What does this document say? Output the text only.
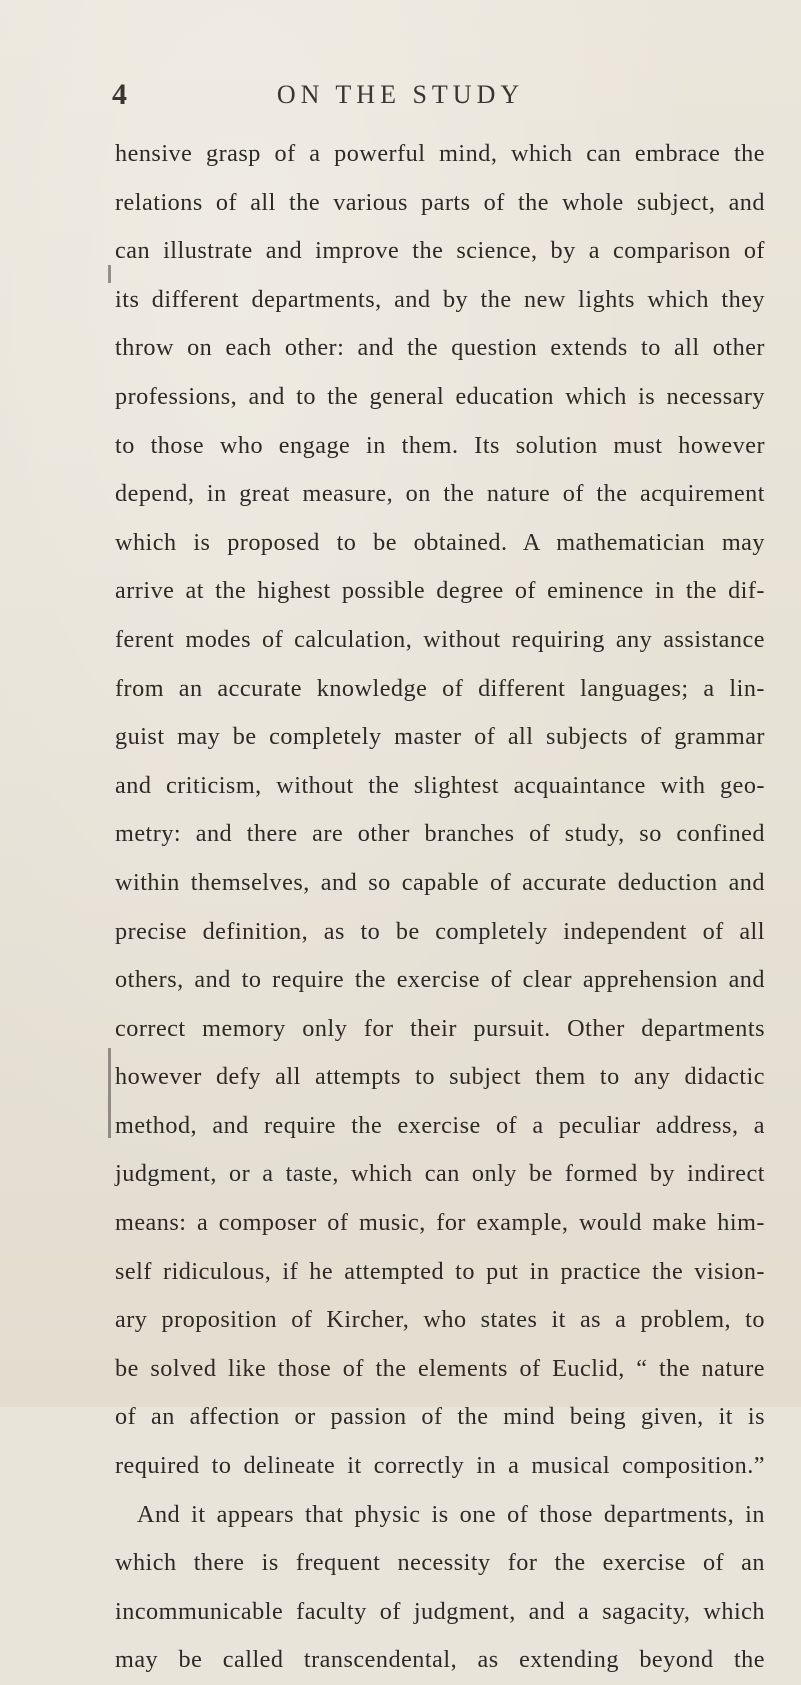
4	ON THE STUDY
hensive grasp of a powerful mind, which can embrace the
relations of all the various parts of the whole subject, and
can illustrate and improve the science, by a comparison of
its different departments, and by the new lights which they
throw on each other: and the question extends to all other
professions, and to the general education which is necessary
to those who engage in them. Its solution must however
depend, in great measure, on the nature of the acquirement
which is proposed to be obtained. A mathematician may
arrive at the highest possible degree of eminence in the dif-
ferent modes of calculation, without requiring any assistance
from an accurate knowledge of different languages; a lin-
guist may be completely master of all subjects of grammar
and criticism, without the slightest acquaintance with geo-
metry: and there are other branches of study, so confined
within themselves, and so capable of accurate deduction and
precise definition, as to be completely independent of all
others, and to require the exercise of clear apprehension and
correct memory only for their pursuit. Other departments
however defy all attempts to subject them to any didactic
method, and require the exercise of a peculiar address, a
judgment, or a taste, which can only be formed by indirect
means: a composer of music, for example, would make him-
self ridiculous, if he attempted to put in practice the vision-
ary proposition of Kircher, who states it as a problem, to
be solved like those of the elements of Euclid, “ the nature
of an affection or passion of the mind being given, it is
required to delineate it correctly in a musical composition.”
And it appears that physic is one of those departments, in
which there is frequent necessity for the exercise of an
incommunicable faculty of judgment, and a sagacity, which
may be called transcendental, as extending beyond the
